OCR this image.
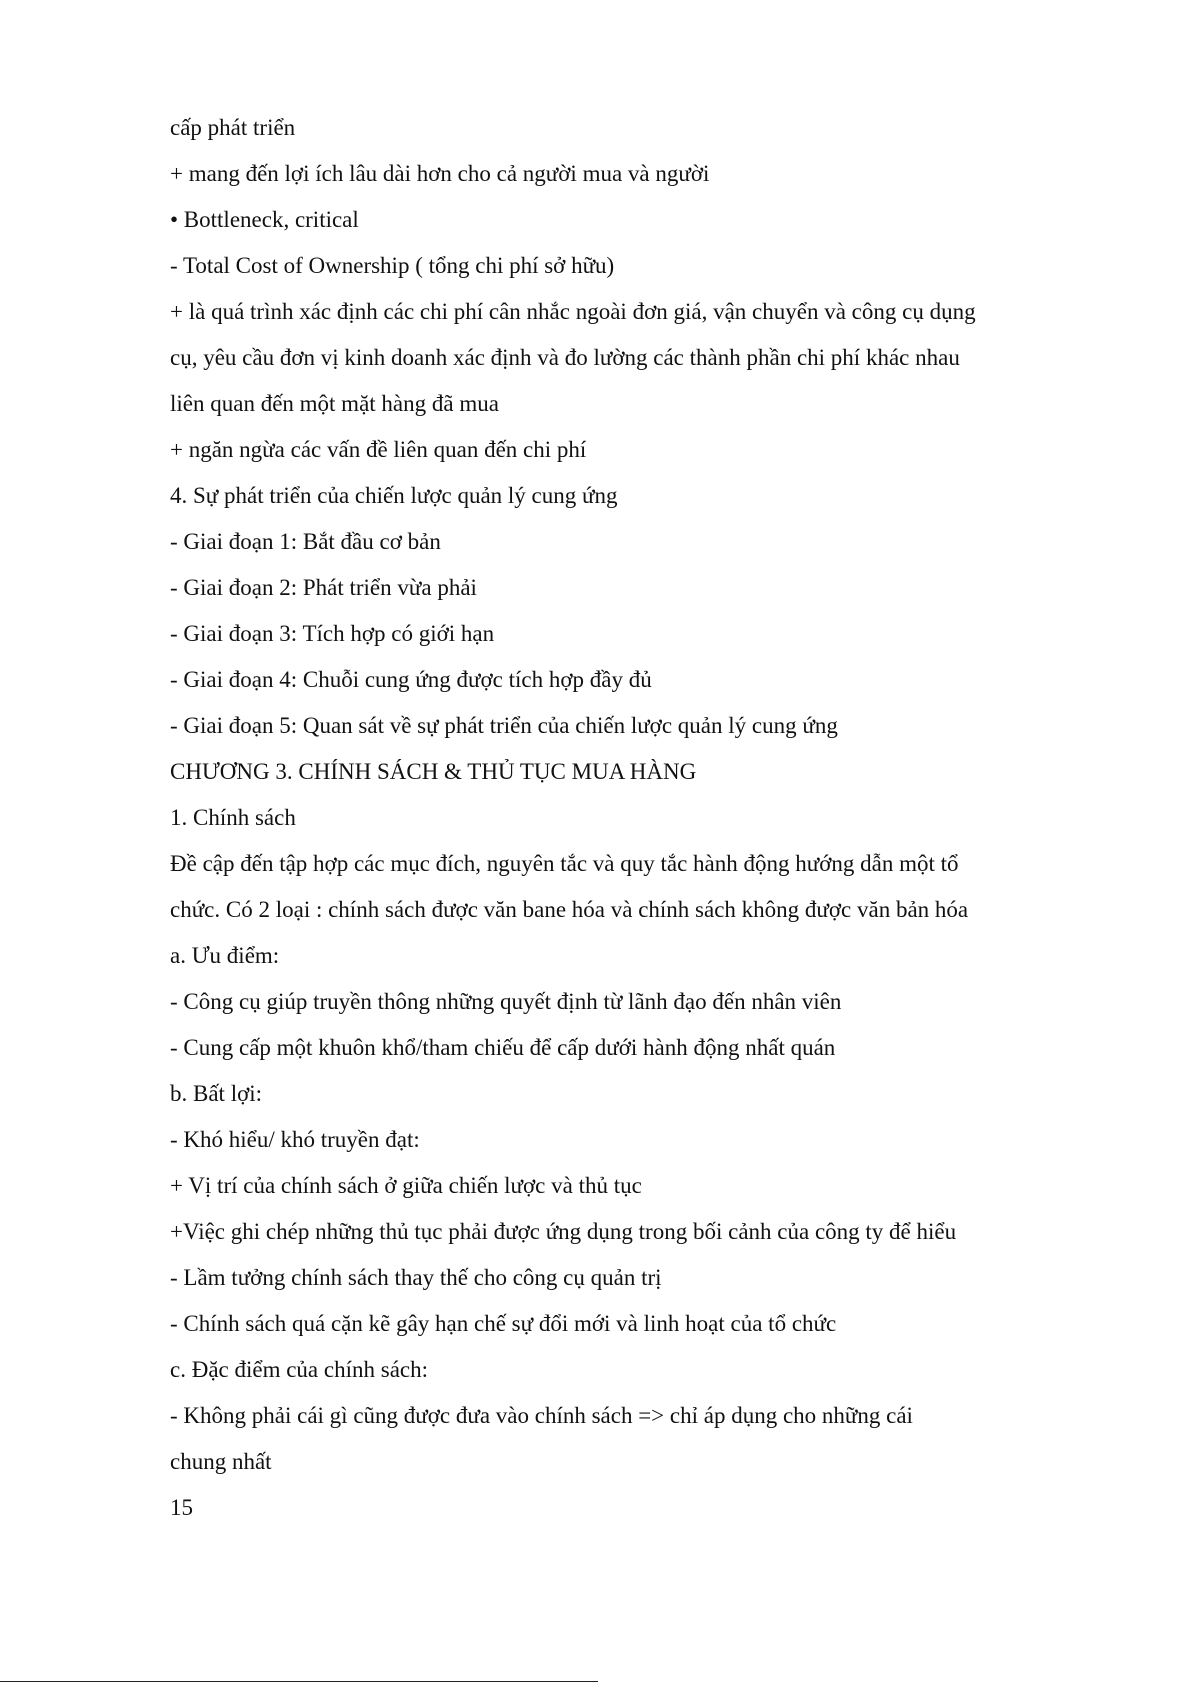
cấp phát triển
+ mang đến lợi ích lâu dài hơn cho cả người mua và người
• Bottleneck, critical
- Total Cost of Ownership ( tổng chi phí sở hữu)
+ là quá trình xác định các chi phí cân nhắc ngoài đơn giá, vận chuyển và công cụ dụng
cụ, yêu cầu đơn vị kinh doanh xác định và đo lường các thành phần chi phí khác nhau
liên quan đến một mặt hàng đã mua
+ ngăn ngừa các vấn đề liên quan đến chi phí
4. Sự phát triển của chiến lược quản lý cung ứng
- Giai đoạn 1: Bắt đầu cơ bản
- Giai đoạn 2: Phát triển vừa phải
- Giai đoạn 3: Tích hợp có giới hạn
- Giai đoạn 4: Chuỗi cung ứng được tích hợp đầy đủ
- Giai đoạn 5: Quan sát về sự phát triển của chiến lược quản lý cung ứng
CHƯƠNG 3. CHÍNH SÁCH & THỦ TỤC MUA HÀNG
1. Chính sách
Đề cập đến tập hợp các mục đích, nguyên tắc và quy tắc hành động hướng dẫn một tổ
chức. Có 2 loại : chính sách được văn bane hóa và chính sách không được văn bản hóa
a. Ưu điểm:
- Công cụ giúp truyền thông những quyết định từ lãnh đạo đến nhân viên
- Cung cấp một khuôn khổ/tham chiếu để cấp dưới hành động nhất quán
b. Bất lợi:
- Khó hiểu/ khó truyền đạt:
+ Vị trí của chính sách ở giữa chiến lược và thủ tục
+Việc ghi chép những thủ tục phải được ứng dụng trong bối cảnh của công ty để hiểu
- Lầm tưởng chính sách thay thế cho công cụ quản trị
- Chính sách quá cặn kẽ gây hạn chế sự đổi mới và linh hoạt của tổ chức
c. Đặc điểm của chính sách:
- Không phải cái gì cũng được đưa vào chính sách => chỉ áp dụng cho những cái
chung nhất
15
